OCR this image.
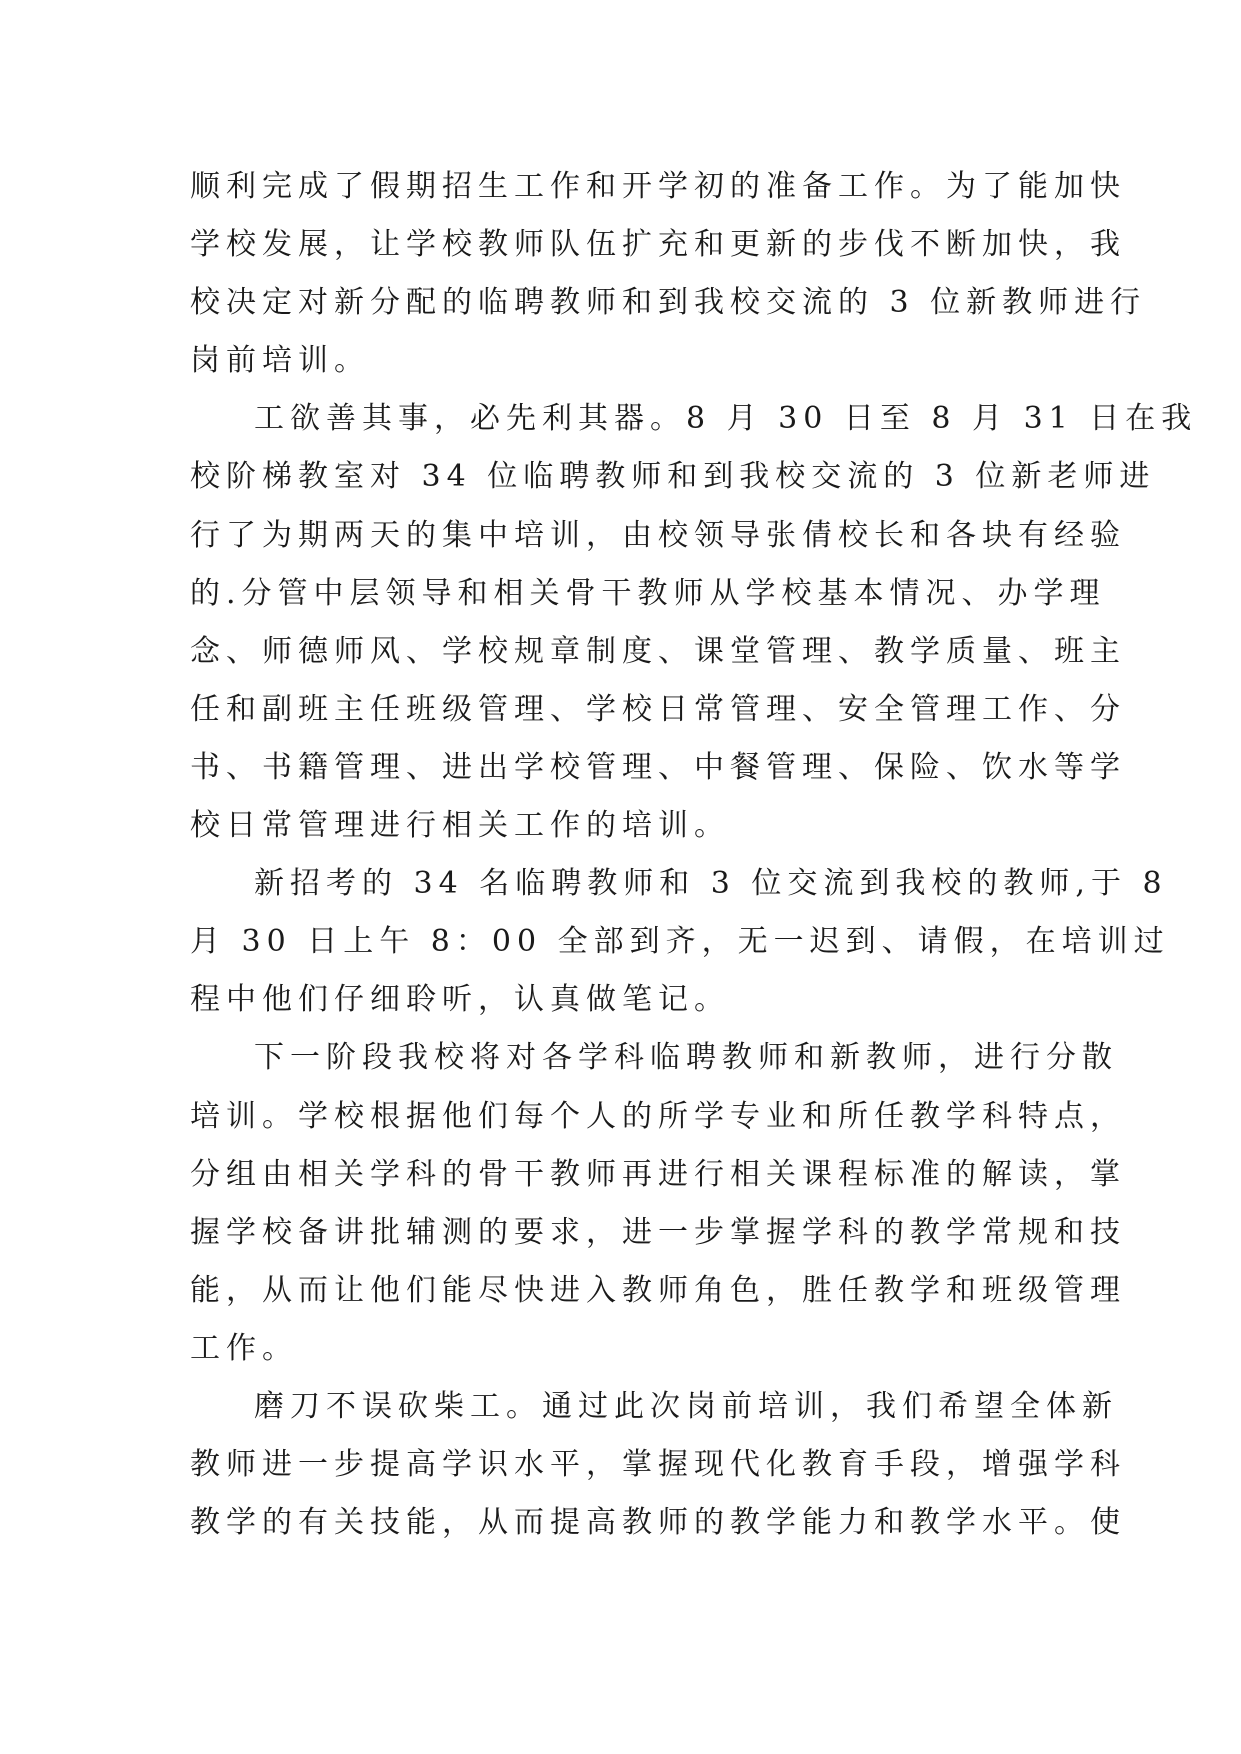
顺利完成了假期招生工作和开学初的准备工作。为了能加快
学校发展，让学校教师队伍扩充和更新的步伐不断加快，我
校决定对新分配的临聘教师和到我校交流的 3 位新教师进行
岗前培训。
工欲善其事，必先利其器。8 月 30 日至 8 月 31 日在我
校阶梯教室对 34 位临聘教师和到我校交流的 3 位新老师进
行了为期两天的集中培训，由校领导张倩校长和各块有经验
的.分管中层领导和相关骨干教师从学校基本情况、办学理
念、师德师风、学校规章制度、课堂管理、教学质量、班主
任和副班主任班级管理、学校日常管理、安全管理工作、分
书、书籍管理、进出学校管理、中餐管理、保险、饮水等学
校日常管理进行相关工作的培训。
新招考的 34 名临聘教师和 3 位交流到我校的教师,于 8
月 30 日上午 8：00 全部到齐，无一迟到、请假，在培训过
程中他们仔细聆听，认真做笔记。
下一阶段我校将对各学科临聘教师和新教师，进行分散
培训。学校根据他们每个人的所学专业和所任教学科特点，
分组由相关学科的骨干教师再进行相关课程标准的解读，掌
握学校备讲批辅测的要求，进一步掌握学科的教学常规和技
能，从而让他们能尽快进入教师角色，胜任教学和班级管理
工作。
磨刀不误砍柴工。通过此次岗前培训，我们希望全体新
教师进一步提高学识水平，掌握现代化教育手段，增强学科
教学的有关技能，从而提高教师的教学能力和教学水平。使
